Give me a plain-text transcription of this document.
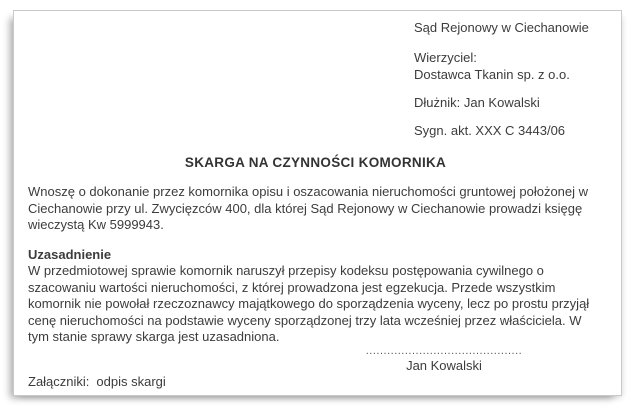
Sąd Rejonowy w Ciechanowie
Wierzyciel:
Dostawca Tkanin sp. z o.o.
Dłużnik: Jan Kowalski
Sygn. akt. XXX C 3443/06
SKARGA NA CZYNNOŚCI KOMORNIKA

Wnoszę o dokonanie przez komornika opisu i oszacowania nieruchomości gruntowej położonej w Ciechanowie przy ul. Zwycięzców 400, dla której Sąd Rejonowy w Ciechanowie prowadzi księgę wieczystą Kw 5999943.

Uzasadnienie

W przedmiotowej sprawie komornik naruszył przepisy kodeksu postępowania cywilnego o szacowaniu wartości nieruchomości, z której prowadzona jest egzekucja. Przede wszystkim komornik nie powołał rzeczoznawcy majątkowego do sporządzenia wyceny, lecz po prostu przyjął cenę nieruchomości na podstawie wyceny sporządzonej trzy lata wcześniej przez właściciela. W tym stanie sprawy skarga jest uzasadniona.

............................................
Jan Kowalski
Załączniki: odpis skargi
